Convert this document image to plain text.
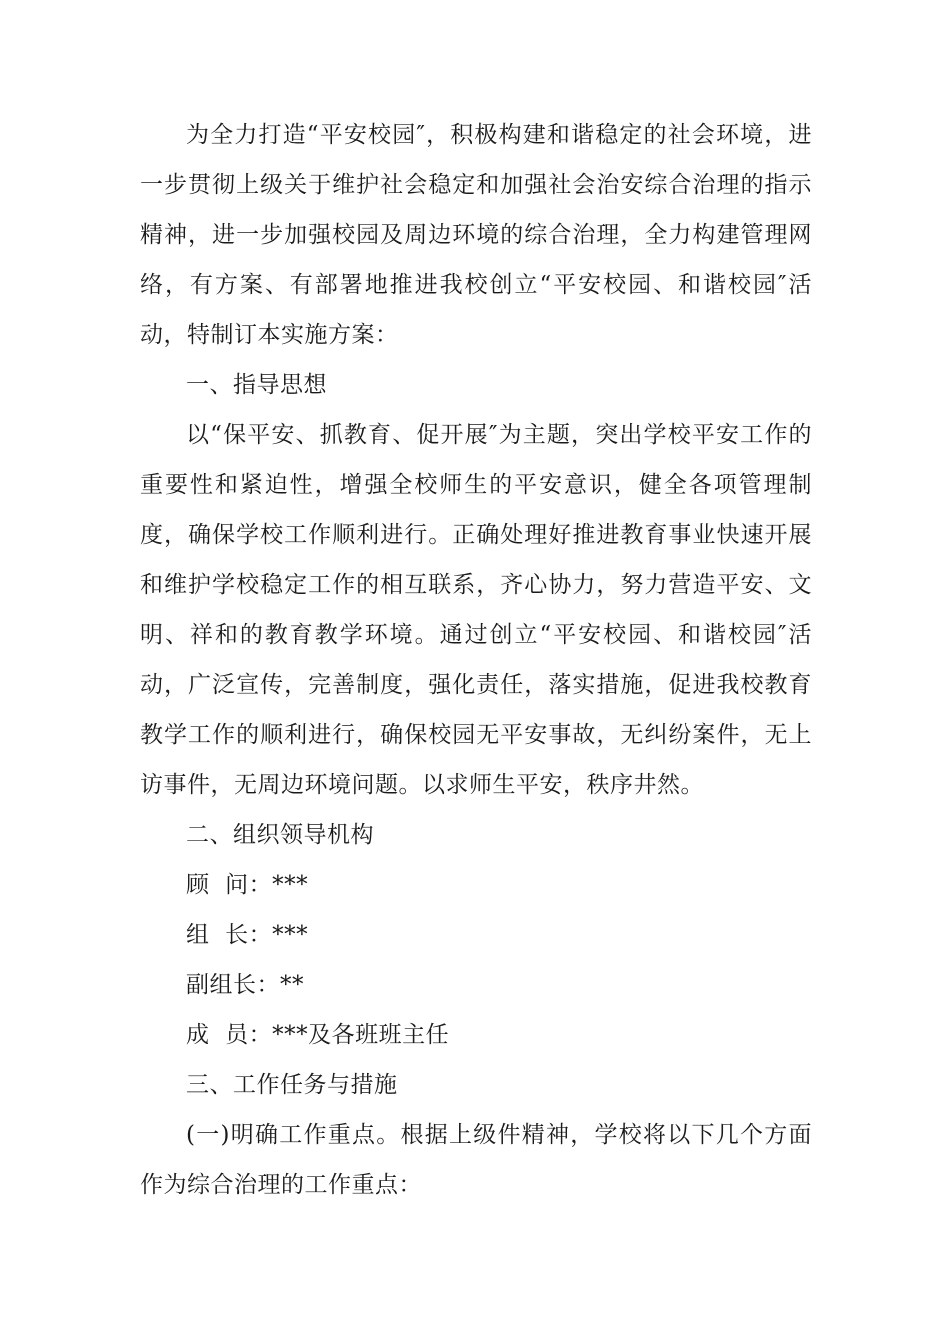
为全力打造“平安校园″，积极构建和谐稳定的社会环境，进一步贯彻上级关于维护社会稳定和加强社会治安综合治理的指示精神，进一步加强校园及周边环境的综合治理，全力构建管理网络，有方案、有部署地推进我校创立“平安校园、和谐校园″活动，特制订本实施方案：

一、指导思想

以“保平安、抓教育、促开展″为主题，突出学校平安工作的重要性和紧迫性，增强全校师生的平安意识，健全各项管理制度，确保学校工作顺利进行。正确处理好推进教育事业快速开展和维护学校稳定工作的相互联系，齐心协力，努力营造平安、文明、祥和的教育教学环境。通过创立“平安校园、和谐校园″活动，广泛宣传，完善制度，强化责任，落实措施，促进我校教育教学工作的顺利进行，确保校园无平安事故，无纠纷案件，无上访事件，无周边环境问题。以求师生平安，秩序井然。

二、组织领导机构

顾  问：***

组  长：***

副组长：**

成  员：***及各班班主任

三、工作任务与措施

(一)明确工作重点。根据上级件精神，学校将以下几个方面作为综合治理的工作重点：
